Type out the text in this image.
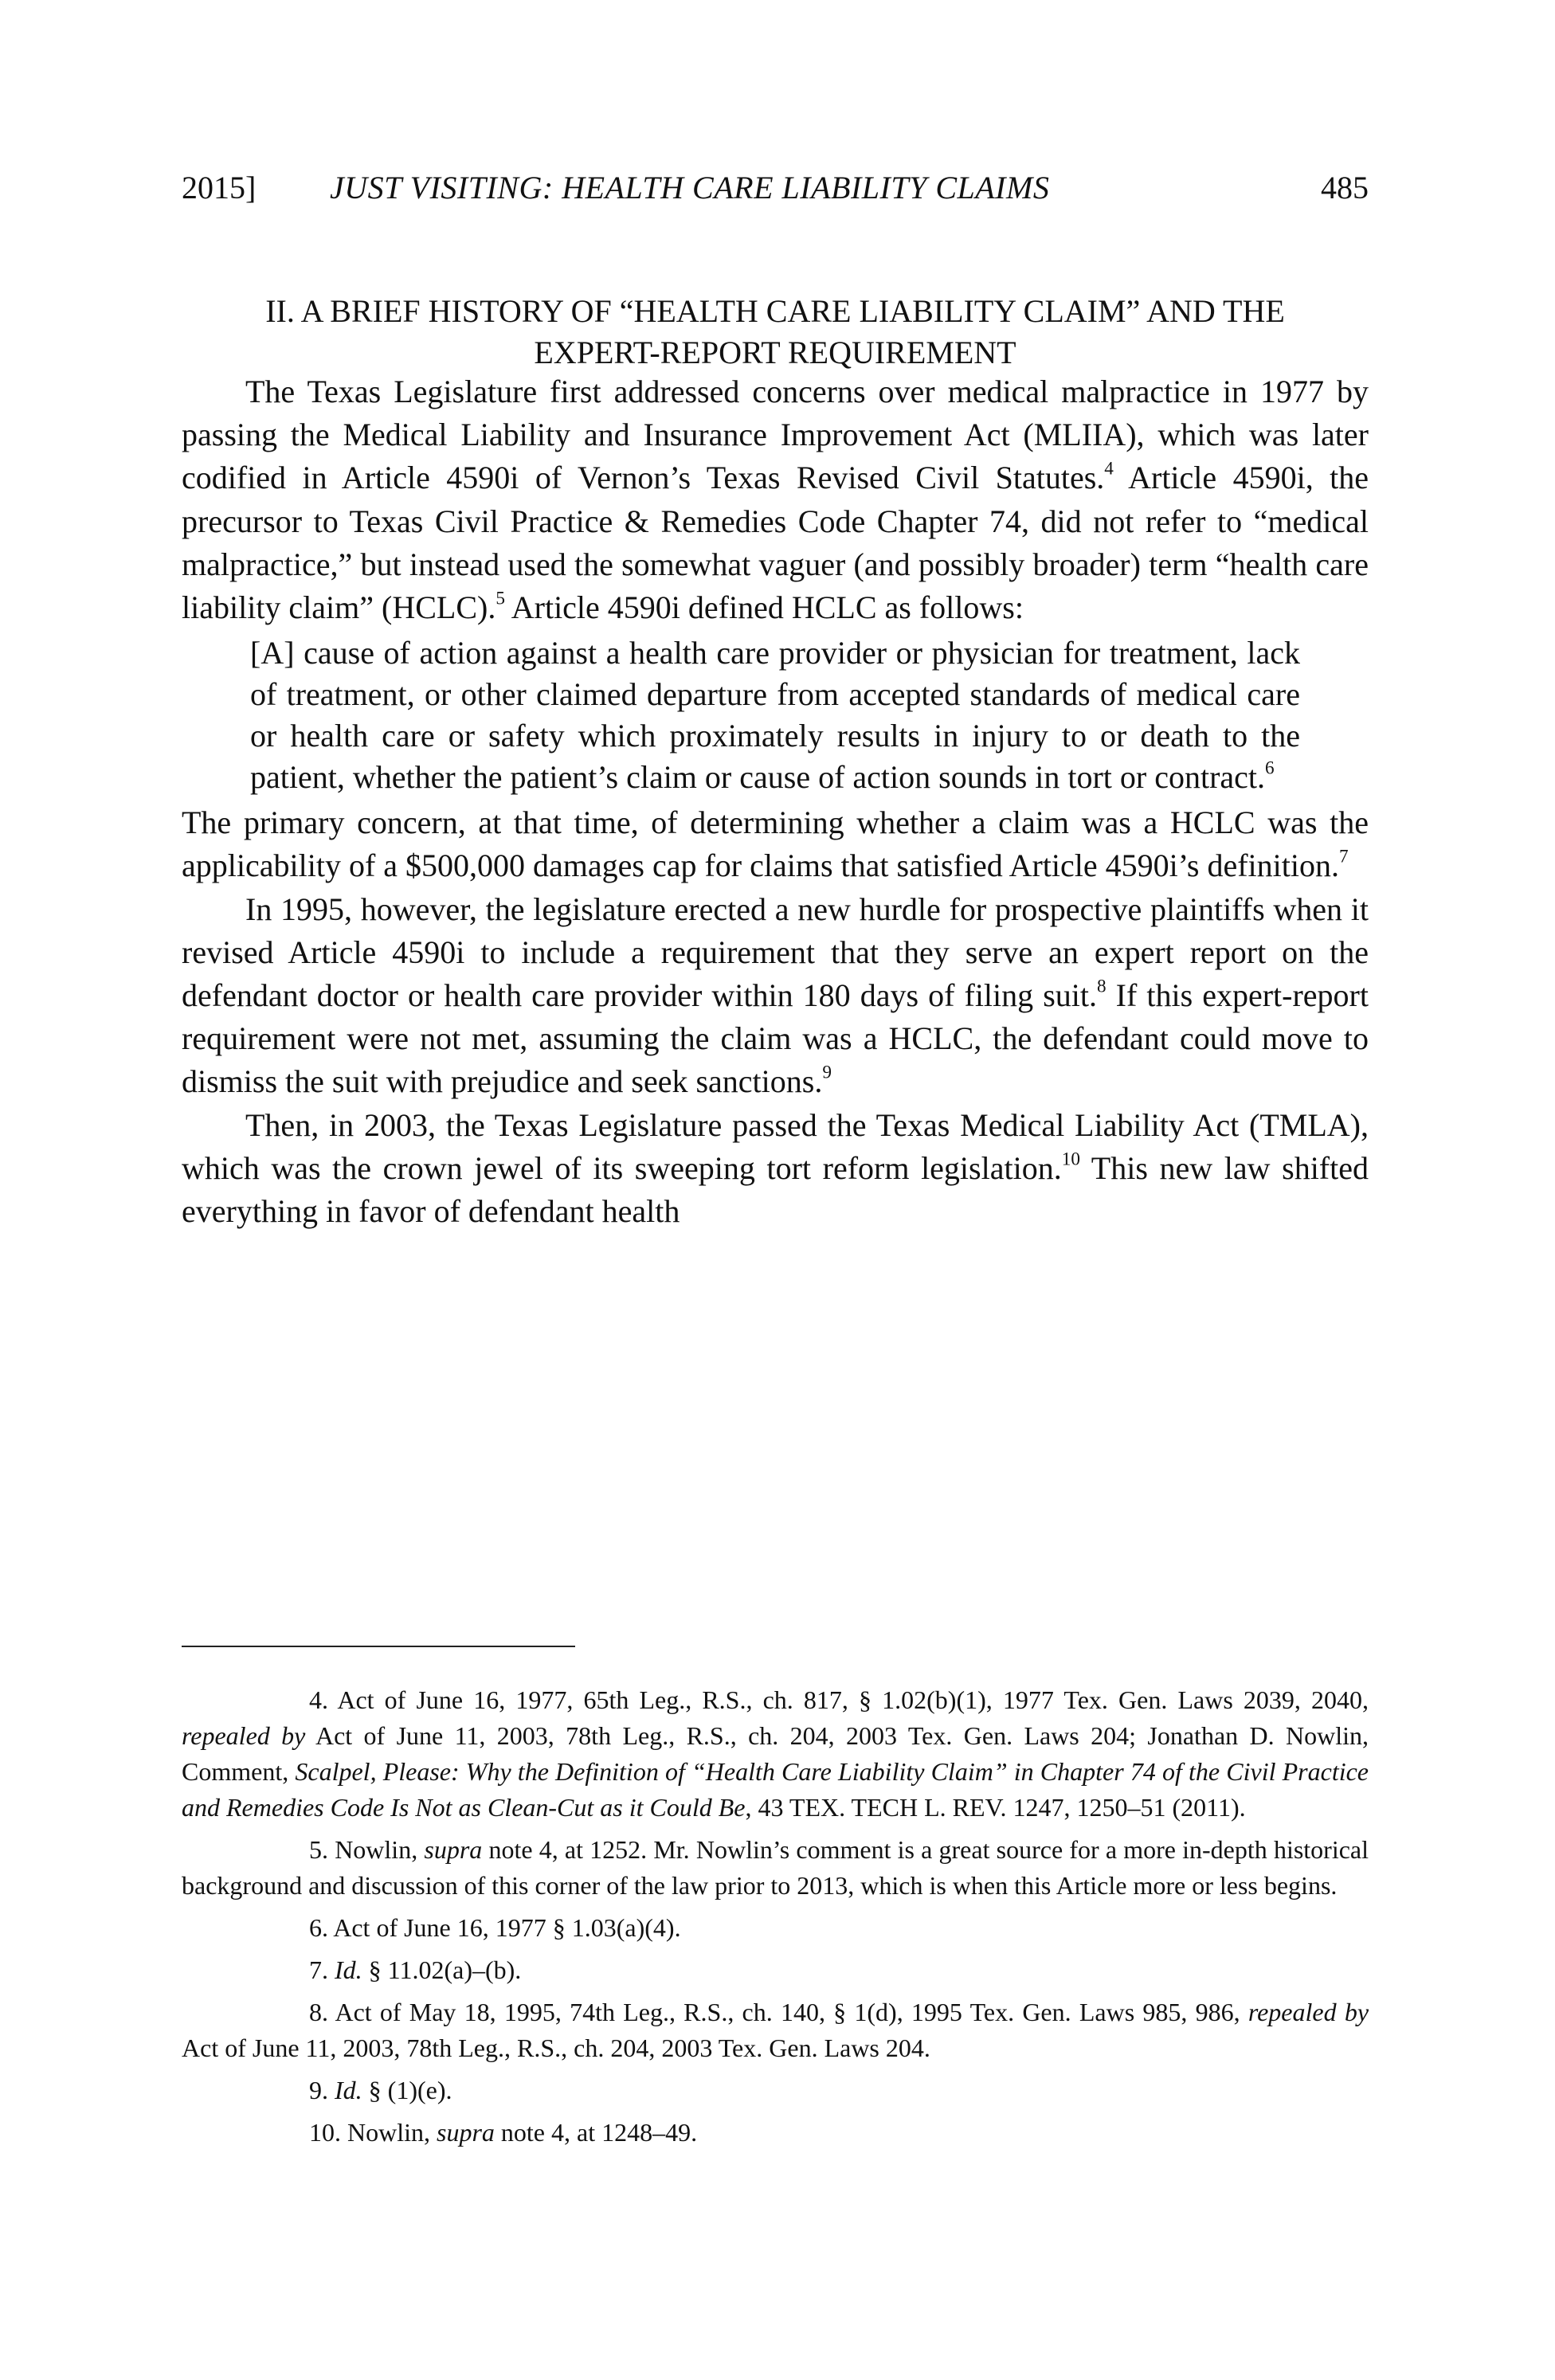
2015] JUST VISITING: HEALTH CARE LIABILITY CLAIMS	485
II. A BRIEF HISTORY OF “HEALTH CARE LIABILITY CLAIM” AND THE
EXPERT-REPORT REQUIREMENT

The Texas Legislature first addressed concerns over medical malpractice in 1977 by passing the Medical Liability and Insurance Improvement Act (MLIIA), which was later codified in Article 4590i of Vernon’s Texas Revised Civil Statutes.$^4$ Article 4590i, the precursor to Texas Civil Practice & Remedies Code Chapter 74, did not refer to “medical malpractice,” but instead used the somewhat vaguer (and possibly broader) term “health care liability claim” (HCLC).$^5$ Article 4590i defined HCLC as follows:

[A] cause of action against a health care provider or physician for treatment, lack of treatment, or other claimed departure from accepted standards of medical care or health care or safety which proximately results in injury to or death to the patient, whether the patient’s claim or cause of action sounds in tort or contract.$^6$

The primary concern, at that time, of determining whether a claim was a HCLC was the applicability of a $500,000 damages cap for claims that satisfied Article 4590i’s definition.$^7$

In 1995, however, the legislature erected a new hurdle for prospective plaintiffs when it revised Article 4590i to include a requirement that they serve an expert report on the defendant doctor or health care provider within 180 days of filing suit.$^8$ If this expert-report requirement were not met, assuming the claim was a HCLC, the defendant could move to dismiss the suit with prejudice and seek sanctions.$^9$

Then, in 2003, the Texas Legislature passed the Texas Medical Liability Act (TMLA), which was the crown jewel of its sweeping tort reform legislation.$^{10}$ This new law shifted everything in favor of defendant health

4. Act of June 16, 1977, 65th Leg., R.S., ch. 817, § 1.02(b)(1), 1977 Tex. Gen. Laws 2039, 2040, repealed by Act of June 11, 2003, 78th Leg., R.S., ch. 204, 2003 Tex. Gen. Laws 204; Jonathan D. Nowlin, Comment, Scalpel, Please: Why the Definition of “Health Care Liability Claim” in Chapter 74 of the Civil Practice and Remedies Code Is Not as Clean-Cut as it Could Be, 43 TEX. TECH L. REV. 1247, 1250–51 (2011).

5. Nowlin, supra note 4, at 1252. Mr. Nowlin’s comment is a great source for a more in-depth historical background and discussion of this corner of the law prior to 2013, which is when this Article more or less begins.

6. Act of June 16, 1977 § 1.03(a)(4).

7. Id. § 11.02(a)–(b).

8. Act of May 18, 1995, 74th Leg., R.S., ch. 140, § 1(d), 1995 Tex. Gen. Laws 985, 986, repealed by Act of June 11, 2003, 78th Leg., R.S., ch. 204, 2003 Tex. Gen. Laws 204.

9. Id. § (1)(e).

10. Nowlin, supra note 4, at 1248–49.
